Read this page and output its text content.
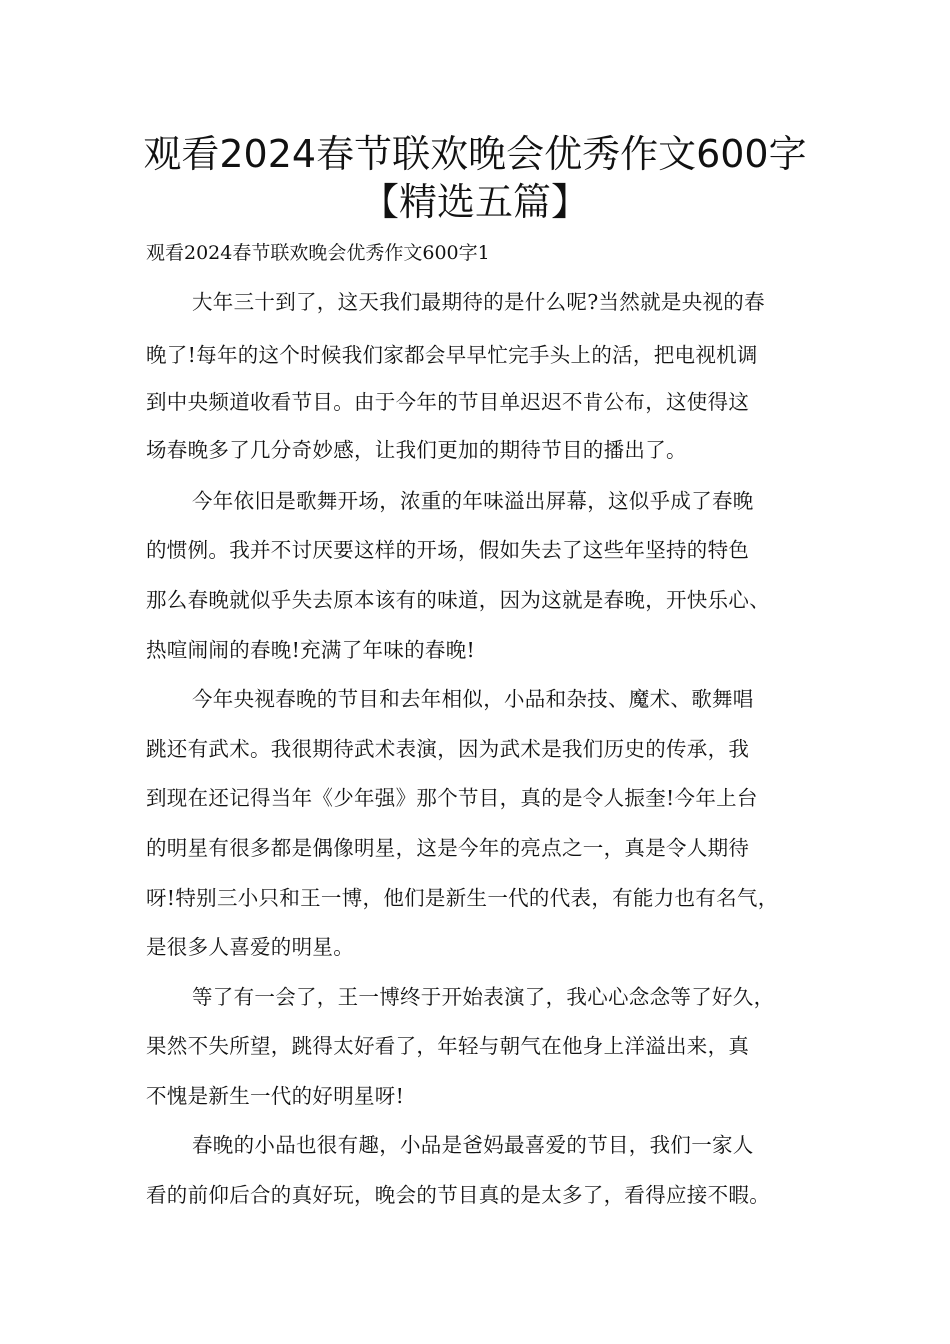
观看2024春节联欢晚会优秀作文600字
【精选五篇】
观看2024春节联欢晚会优秀作文600字1
大年三十到了，这天我们最期待的是什么呢?当然就是央视的春
晚了!每年的这个时候我们家都会早早忙完手头上的活，把电视机调
到中央频道收看节目。由于今年的节目单迟迟不肯公布，这使得这
场春晚多了几分奇妙感，让我们更加的期待节目的播出了。
今年依旧是歌舞开场，浓重的年味溢出屏幕，这似乎成了春晚
的惯例。我并不讨厌要这样的开场，假如失去了这些年坚持的特色
那么春晚就似乎失去原本该有的味道，因为这就是春晚，开快乐心、
热喧闹闹的春晚!充满了年味的春晚!
今年央视春晚的节目和去年相似，小品和杂技、魔术、歌舞唱
跳还有武术。我很期待武术表演，因为武术是我们历史的传承，我
到现在还记得当年《少年强》那个节目，真的是令人振奎!今年上台
的明星有很多都是偶像明星，这是今年的亮点之一，真是令人期待
呀!特别三小只和王一博，他们是新生一代的代表，有能力也有名气，
是很多人喜爱的明星。
等了有一会了，王一博终于开始表演了，我心心念念等了好久，
果然不失所望，跳得太好看了，年轻与朝气在他身上洋溢出来，真
不愧是新生一代的好明星呀!
春晚的小品也很有趣，小品是爸妈最喜爱的节目，我们一家人
看的前仰后合的真好玩，晚会的节目真的是太多了，看得应接不暇。
